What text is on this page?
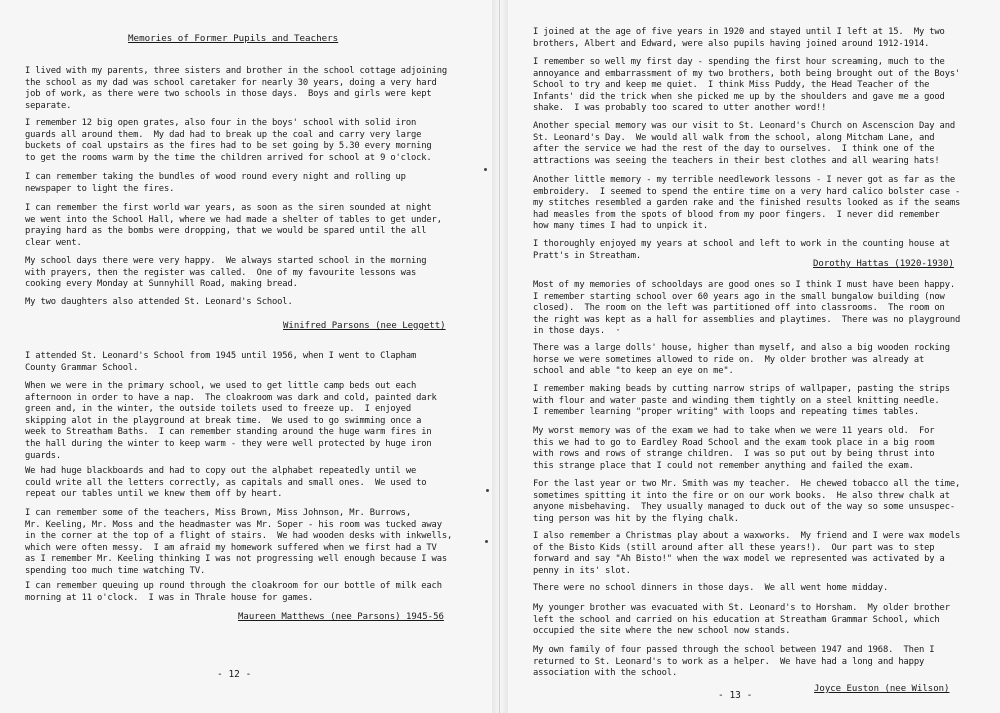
Memories of Former Pupils and Teachers

I lived with my parents, three sisters and brother in the school cottage adjoining
the school as my dad was school caretaker for nearly 30 years, doing a very hard
job of work, as there were two schools in those days.  Boys and girls were kept
separate.

I remember 12 big open grates, also four in the boys' school with solid iron
guards all around them.  My dad had to break up the coal and carry very large
buckets of coal upstairs as the fires had to be set going by 5.30 every morning
to get the rooms warm by the time the children arrived for school at 9 o'clock.

I can remember taking the bundles of wood round every night and rolling up
newspaper to light the fires.

I can remember the first world war years, as soon as the siren sounded at night
we went into the School Hall, where we had made a shelter of tables to get under,
praying hard as the bombs were dropping, that we would be spared until the all
clear went.

My school days there were very happy.  We always started school in the morning
with prayers, then the register was called.  One of my favourite lessons was
cooking every Monday at Sunnyhill Road, making bread.

My two daughters also attended St. Leonard's School.

Winifred Parsons (nee Leggett)

I attended St. Leonard's School from 1945 until 1956, when I went to Clapham
County Grammar School.

When we were in the primary school, we used to get little camp beds out each
afternoon in order to have a nap.  The cloakroom was dark and cold, painted dark
green and, in the winter, the outside toilets used to freeze up.  I enjoyed
skipping alot in the playground at break time.  We used to go swimming once a
week to Streatham Baths.  I can remember standing around the huge warm fires in
the hall during the winter to keep warm - they were well protected by huge iron
guards.

We had huge blackboards and had to copy out the alphabet repeatedly until we
could write all the letters correctly, as capitals and small ones.  We used to
repeat our tables until we knew them off by heart.

I can remember some of the teachers, Miss Brown, Miss Johnson, Mr. Burrows,
Mr. Keeling, Mr. Moss and the headmaster was Mr. Soper - his room was tucked away
in the corner at the top of a flight of stairs.  We had wooden desks with inkwells,
which were often messy.  I am afraid my homework suffered when we first had a TV
as I remember Mr. Keeling thinking I was not progressing well enough because I was
spending too much time watching TV.

I can remember queuing up round through the cloakroom for our bottle of milk each
morning at 11 o'clock.  I was in Thrale house for games.

Maureen Matthews (nee Parsons) 1945-56

- 12 -

I joined at the age of five years in 1920 and stayed until I left at 15.  My two
brothers, Albert and Edward, were also pupils having joined around 1912-1914.

I remember so well my first day - spending the first hour screaming, much to the
annoyance and embarrassment of my two brothers, both being brought out of the Boys'
School to try and keep me quiet.  I think Miss Puddy, the Head Teacher of the
Infants' did the trick when she picked me up by the shoulders and gave me a good
shake.  I was probably too scared to utter another word!!

Another special memory was our visit to St. Leonard's Church on Ascenscion Day and
St. Leonard's Day.  We would all walk from the school, along Mitcham Lane, and
after the service we had the rest of the day to ourselves.  I think one of the
attractions was seeing the teachers in their best clothes and all wearing hats!

Another little memory - my terrible needlework lessons - I never got as far as the
embroidery.  I seemed to spend the entire time on a very hard calico bolster case -
my stitches resembled a garden rake and the finished results looked as if the seams
had measles from the spots of blood from my poor fingers.  I never did remember
how many times I had to unpick it.

I thoroughly enjoyed my years at school and left to work in the counting house at
Pratt's in Streatham.

Dorothy Hattas (1920-1930)

Most of my memories of schooldays are good ones so I think I must have been happy.
I remember starting school over 60 years ago in the small bungalow building (now
closed).  The room on the left was partitioned off into classrooms.  The room on
the right was kept as a hall for assemblies and playtimes.  There was no playground
in those days.  ·

There was a large dolls' house, higher than myself, and also a big wooden rocking
horse we were sometimes allowed to ride on.  My older brother was already at
school and able "to keep an eye on me".

I remember making beads by cutting narrow strips of wallpaper, pasting the strips
with flour and water paste and winding them tightly on a steel knitting needle.
I remember learning "proper writing" with loops and repeating times tables.

My worst memory was of the exam we had to take when we were 11 years old.  For
this we had to go to Eardley Road School and the exam took place in a big room
with rows and rows of strange children.  I was so put out by being thrust into
this strange place that I could not remember anything and failed the exam.

For the last year or two Mr. Smith was my teacher.  He chewed tobacco all the time,
sometimes spitting it into the fire or on our work books.  He also threw chalk at
anyone misbehaving.  They usually managed to duck out of the way so some unsuspec-
ting person was hit by the flying chalk.

I also remember a Christmas play about a waxworks.  My friend and I were wax models
of the Bisto Kids (still around after all these years!).  Our part was to step
forward and say "Ah Bisto!" when the wax model we represented was activated by a
penny in its' slot.

There were no school dinners in those days.  We all went home midday.

My younger brother was evacuated with St. Leonard's to Horsham.  My older brother
left the school and carried on his education at Streatham Grammar School, which
occupied the site where the new school now stands.

My own family of four passed through the school between 1947 and 1968.  Then I
returned to St. Leonard's to work as a helper.  We have had a long and happy
association with the school.

- 13 -

Joyce Euston (nee Wilson)
